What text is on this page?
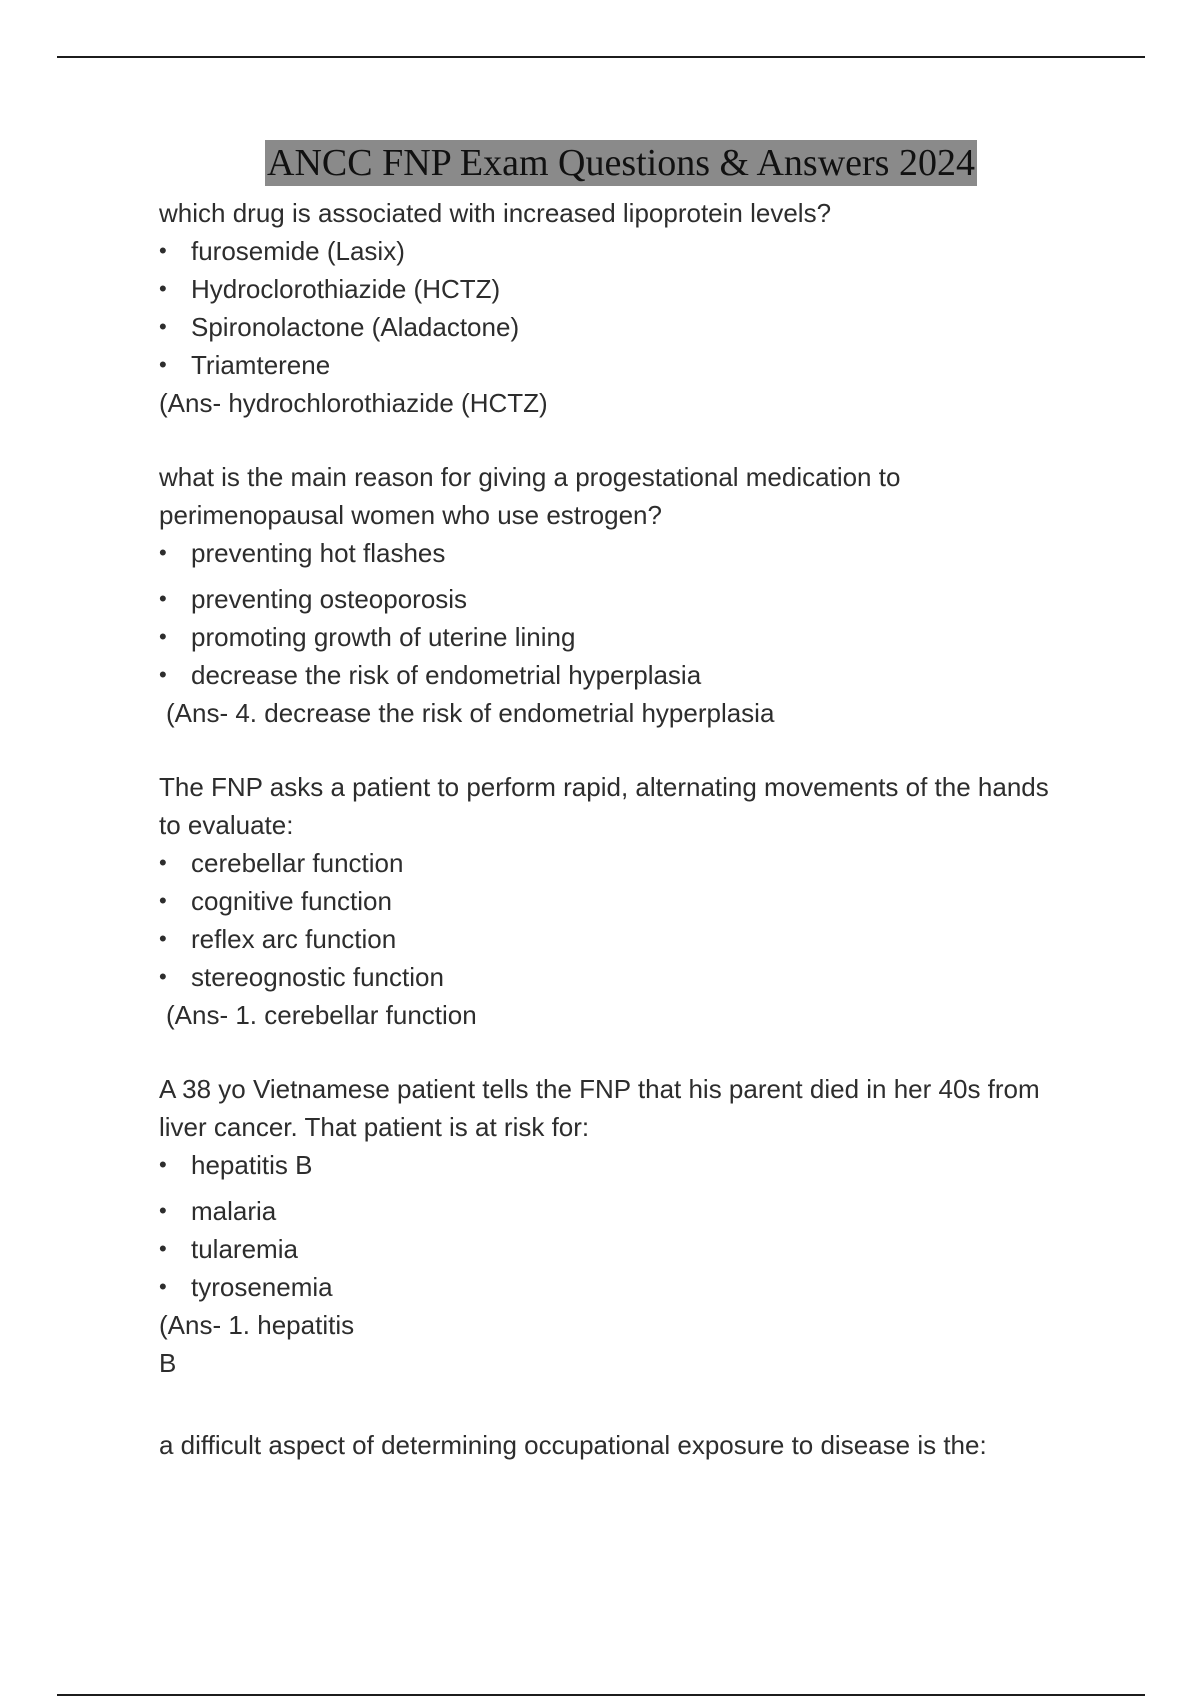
ANCC FNP Exam Questions & Answers 2024

which drug is associated with increased lipoprotein levels?

• furosemide (Lasix)
• Hydroclorothiazide (HCTZ)
• Spironolactone (Aladactone)
• Triamterene

(Ans- hydrochlorothiazide (HCTZ)

what is the main reason for giving a progestational medication to perimenopausal women who use estrogen?

• preventing hot flashes
• preventing osteoporosis
• promoting growth of uterine lining
• decrease the risk of endometrial hyperplasia

(Ans- 4. decrease the risk of endometrial hyperplasia

The FNP asks a patient to perform rapid, alternating movements of the hands to evaluate:

• cerebellar function
• cognitive function
• reflex arc function
• stereognostic function

(Ans- 1. cerebellar function

A 38 yo Vietnamese patient tells the FNP that his parent died in her 40s from liver cancer. That patient is at risk for:

• hepatitis B
• malaria
• tularemia
• tyrosenemia

(Ans- 1. hepatitis

B

a difficult aspect of determining occupational exposure to disease is the:
